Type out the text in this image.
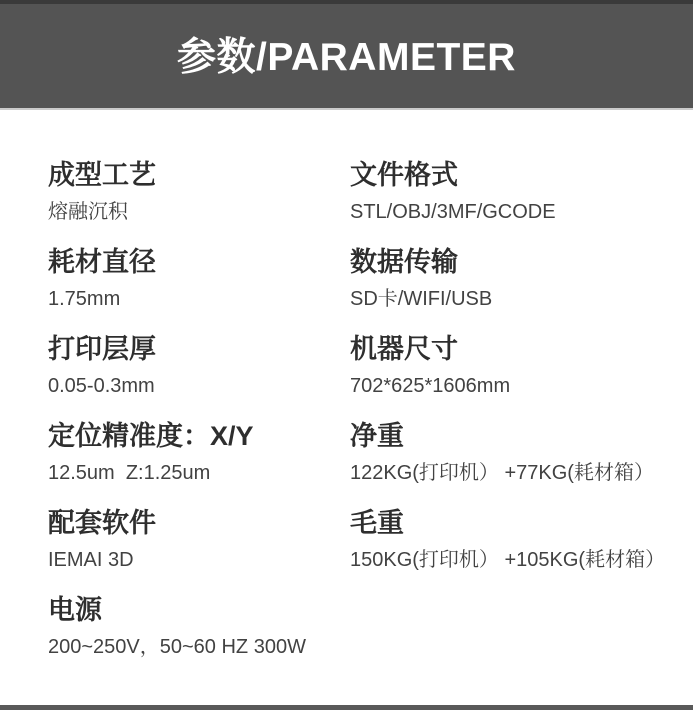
参数/PARAMETER
成型工艺
熔融沉积
耗材直径
1.75mm
打印层厚
0.05-0.3mm
定位精准度：X/Y
12.5um  Z:1.25um
配套软件
IEMAI 3D
电源
200~250V，50~60 HZ 300W
文件格式
STL/OBJ/3MF/GCODE
数据传输
SD卡/WIFI/USB
机器尺寸
702*625*1606mm
净重
122KG(打印机） +77KG(耗材箱）
毛重
150KG(打印机） +105KG(耗材箱）
